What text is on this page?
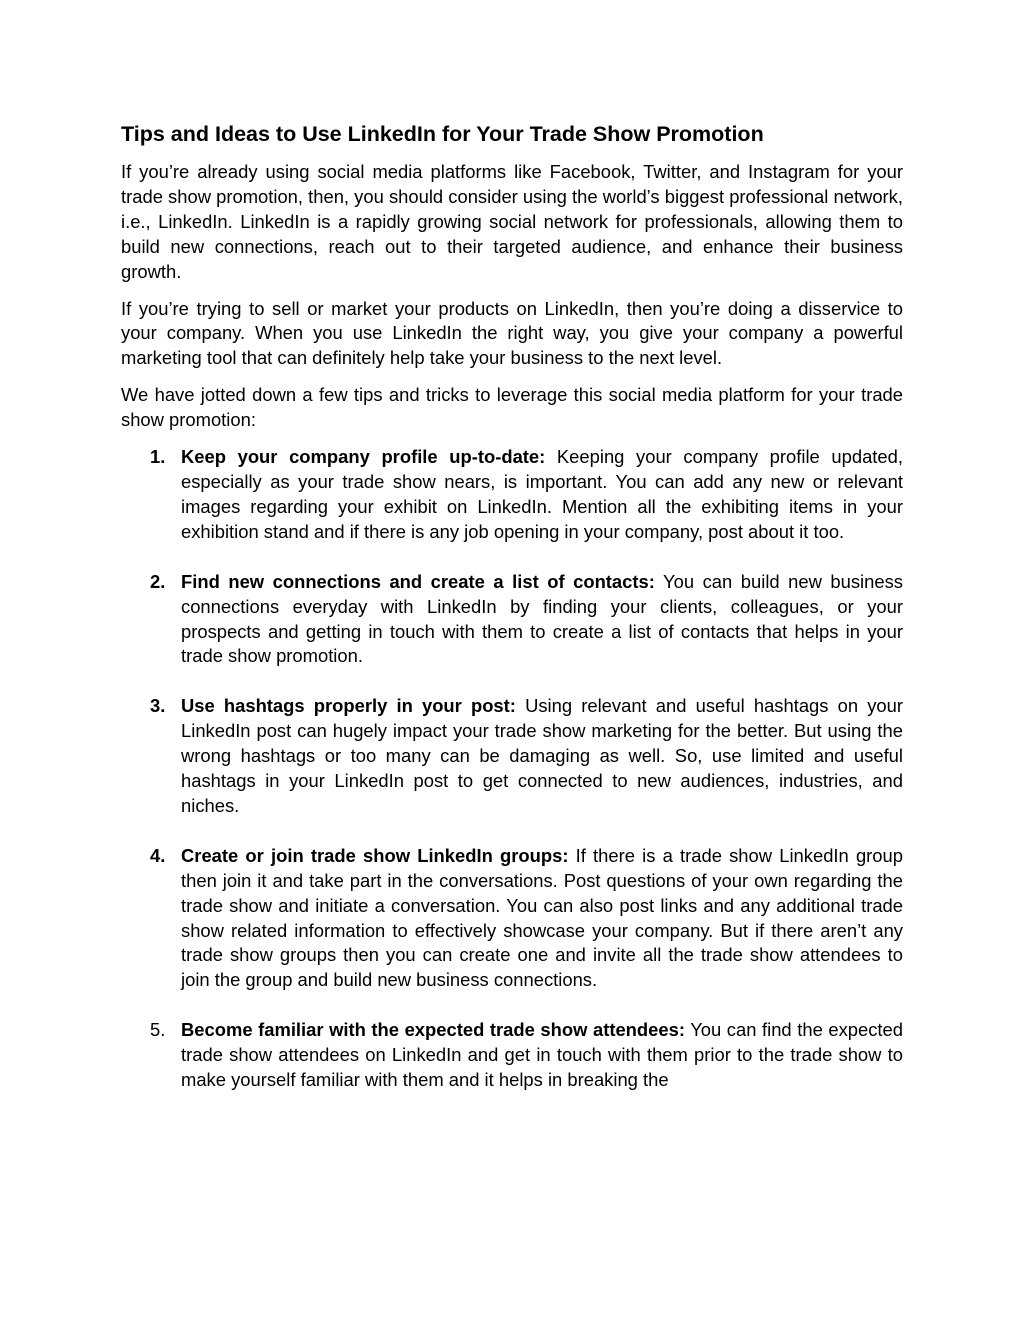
Tips and Ideas to Use LinkedIn for Your Trade Show Promotion

If you’re already using social media platforms like Facebook, Twitter, and Instagram for your trade show promotion, then, you should consider using the world’s biggest professional network, i.e., LinkedIn. LinkedIn is a rapidly growing social network for professionals, allowing them to build new connections, reach out to their targeted audience, and enhance their business growth.

If you’re trying to sell or market your products on LinkedIn, then you’re doing a disservice to your company. When you use LinkedIn the right way, you give your company a powerful marketing tool that can definitely help take your business to the next level.

We have jotted down a few tips and tricks to leverage this social media platform for your trade show promotion:

1. Keep your company profile up-to-date: Keeping your company profile updated, especially as your trade show nears, is important. You can add any new or relevant images regarding your exhibit on LinkedIn. Mention all the exhibiting items in your exhibition stand and if there is any job opening in your company, post about it too.
2. Find new connections and create a list of contacts: You can build new business connections everyday with LinkedIn by finding your clients, colleagues, or your prospects and getting in touch with them to create a list of contacts that helps in your trade show promotion.
3. Use hashtags properly in your post: Using relevant and useful hashtags on your LinkedIn post can hugely impact your trade show marketing for the better. But using the wrong hashtags or too many can be damaging as well. So, use limited and useful hashtags in your LinkedIn post to get connected to new audiences, industries, and niches.
4. Create or join trade show LinkedIn groups: If there is a trade show LinkedIn group then join it and take part in the conversations. Post questions of your own regarding the trade show and initiate a conversation. You can also post links and any additional trade show related information to effectively showcase your company. But if there aren’t any trade show groups then you can create one and invite all the trade show attendees to join the group and build new business connections.
5. Become familiar with the expected trade show attendees: You can find the expected trade show attendees on LinkedIn and get in touch with them prior to the trade show to make yourself familiar with them and it helps in breaking the
